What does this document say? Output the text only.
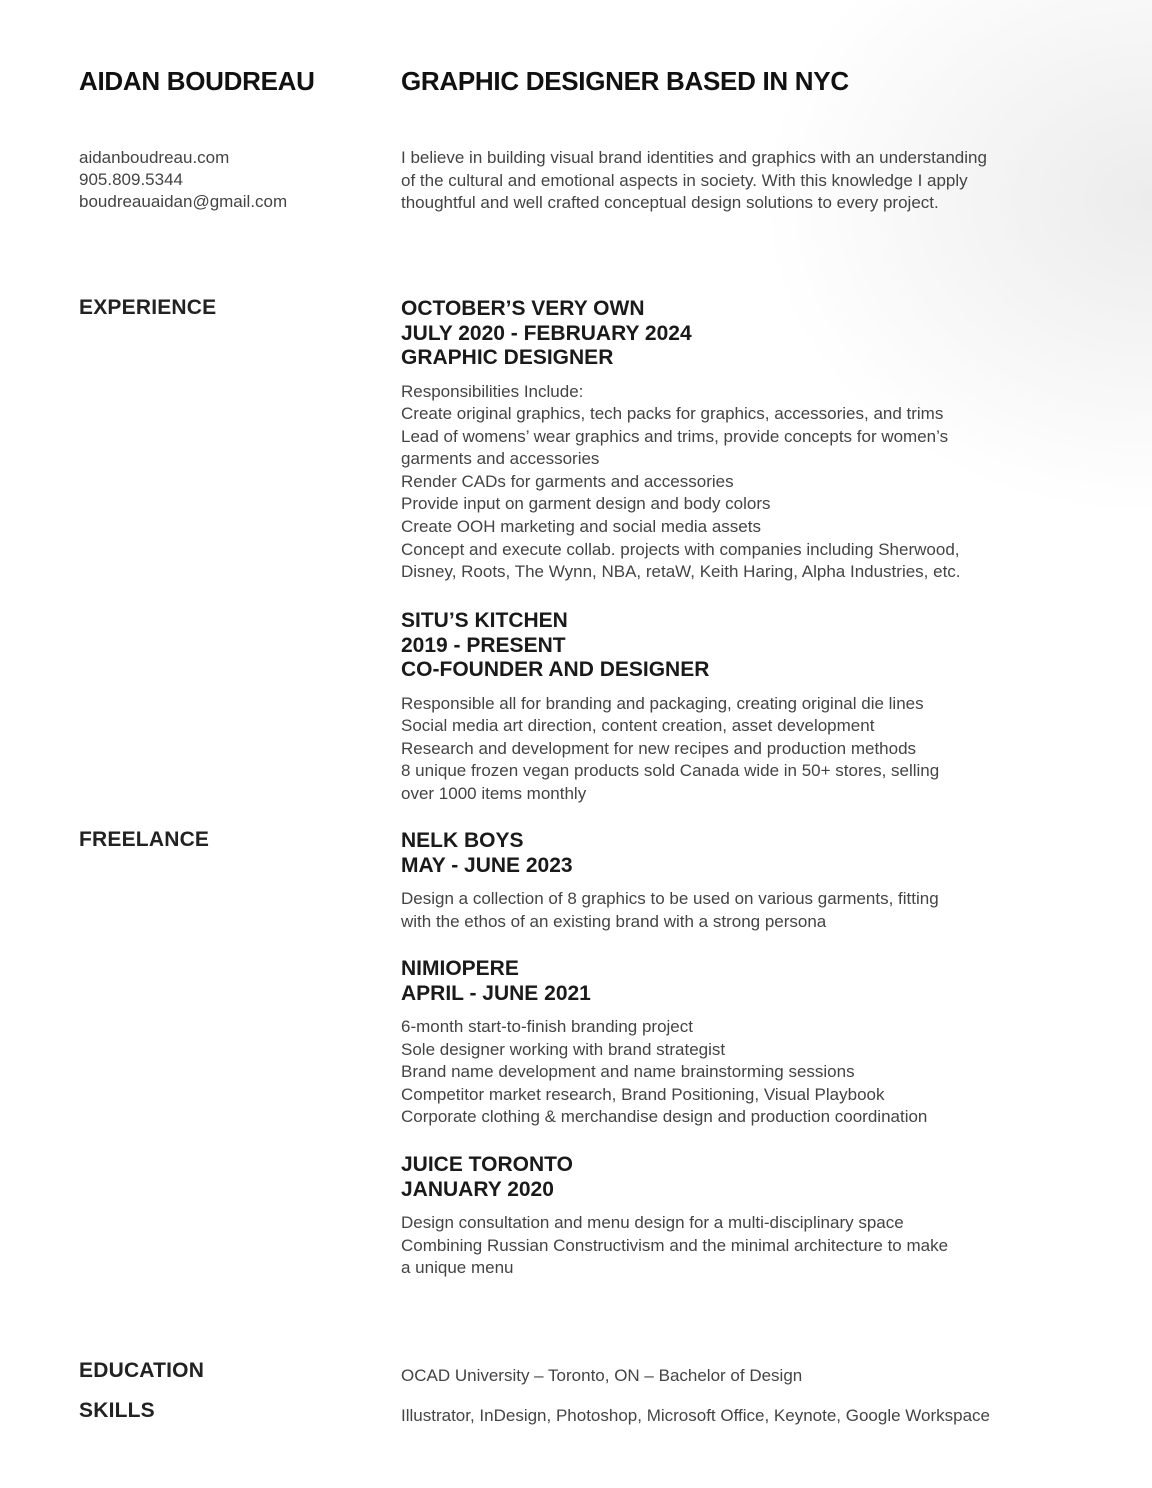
AIDAN BOUDREAU	GRAPHIC DESIGNER BASED IN NYC
aidanboudreau.com
905.809.5344
boudreauaidan@gmail.com
I believe in building visual brand identities and graphics with an understanding
of the cultural and emotional aspects in society. With this knowledge I apply
thoughtful and well crafted conceptual design solutions to every project.
EXPERIENCE	OCTOBER’S VERY OWN
JULY 2020 - FEBRUARY 2024
GRAPHIC DESIGNER
Responsibilities Include:
Create original graphics, tech packs for graphics, accessories, and trims
Lead of womens’ wear graphics and trims, provide concepts for women’s
garments and accessories
Render CADs for garments and accessories
Provide input on garment design and body colors
Create OOH marketing and social media assets
Concept and execute collab. projects with companies including Sherwood,
Disney, Roots, The Wynn, NBA, retaW, Keith Haring, Alpha Industries, etc.
SITU’S KITCHEN
2019 - PRESENT
CO-FOUNDER AND DESIGNER
Responsible all for branding and packaging, creating original die lines
Social media art direction, content creation, asset development
Research and development for new recipes and production methods
8 unique frozen vegan products sold Canada wide in 50+ stores, selling
over 1000 items monthly
FREELANCE	NELK BOYS
MAY - JUNE 2023
Design a collection of 8 graphics to be used on various garments, fitting
with the ethos of an existing brand with a strong persona
NIMIOPERE
APRIL - JUNE 2021
6-month start-to-finish branding project
Sole designer working with brand strategist
Brand name development and name brainstorming sessions
Competitor market research, Brand Positioning, Visual Playbook
Corporate clothing & merchandise design and production coordination
JUICE TORONTO
JANUARY 2020
Design consultation and menu design for a multi-disciplinary space
Combining Russian Constructivism and the minimal architecture to make
a unique menu
EDUCATION	OCAD University – Toronto, ON – Bachelor of Design
SKILLS	Illustrator, InDesign, Photoshop, Microsoft Office, Keynote, Google Workspace
